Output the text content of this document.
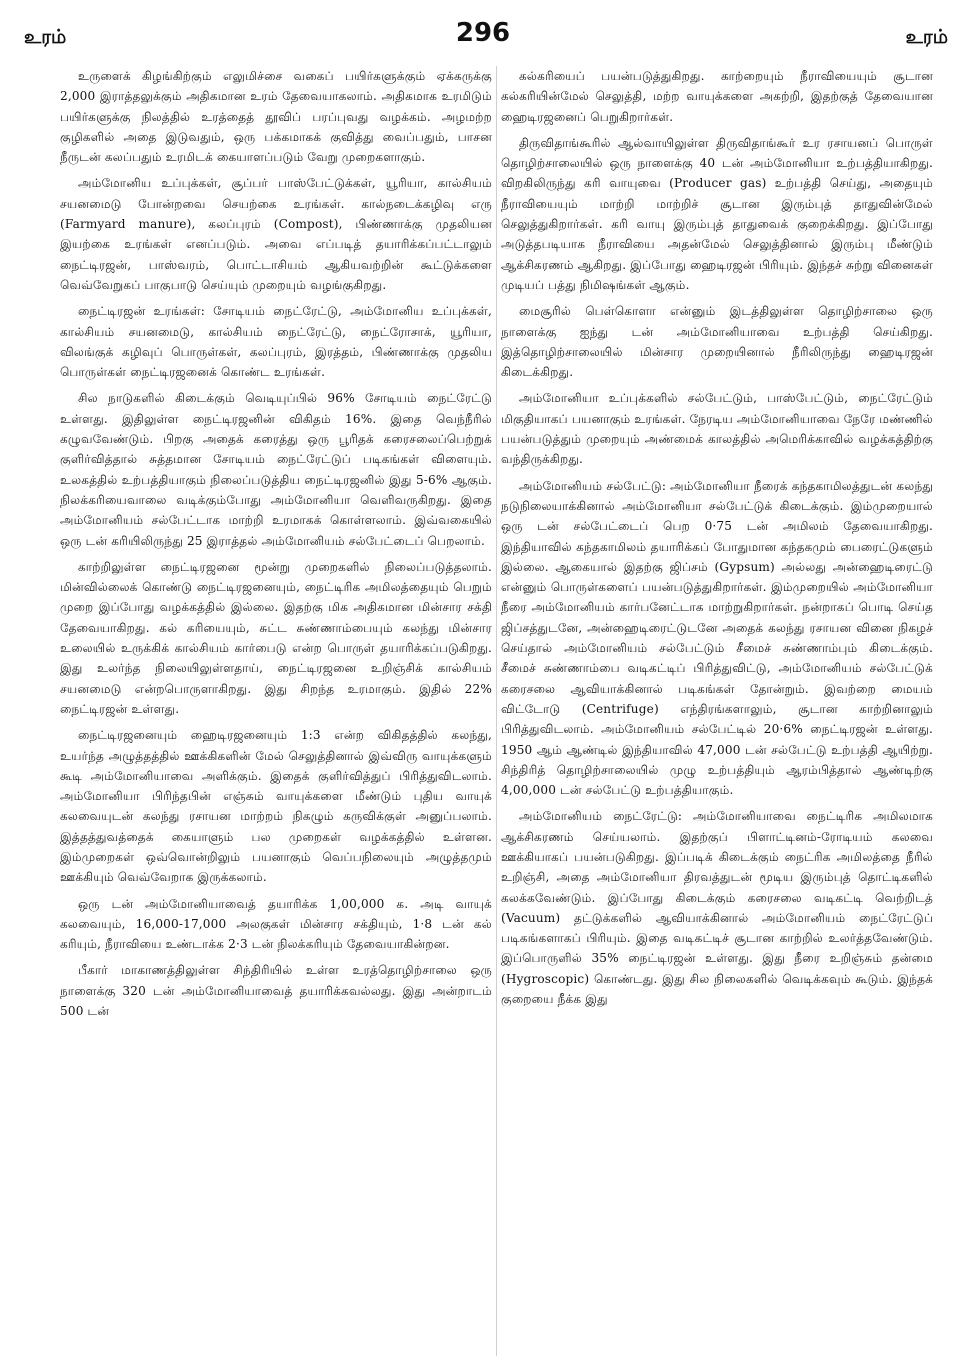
உரம்	296	உரம்

உருளைக் கிழங்கிற்கும் எலுமிச்சை வகைப் பயிர்களுக்கும் ஏக்கருக்கு 2,000 இராத்தலுக்கும் அதிகமான உரம் தேவையாகலாம். அதிகமாக உரமிடும் பயிர்களுக்கு நிலத்தில் உரத்தைத் தூவிப் பரப்புவது வழக்கம். அழமற்ற குழிகளில் அதை இடுவதும், ஒரு பக்கமாகக் குவித்து வைப்பதும், பாசன நீருடன் கலப்பதும் உரமிடக் கையாளப்படும் வேறு முறைகளாகும்.

அம்மோனிய உப்புக்கள், சூப்பர் பாஸ்பேட்டுக்கள், யூரியா, கால்சியம் சயனமைடு போன்றவை செயற்கை உரங்கள். கால்நடைக்கழிவு எரு (Farmyard manure), கலப்புரம் (Compost), பிண்ணாக்கு முதலியன இயற்கை உரங்கள் எனப்படும். அவை எப்படித் தயாரிக்கப்பட்டாலும் நைட்டிரஜன், பாஸ்வரம், பொட்டாசியம் ஆகியவற்றின் கூட்டுக்களை வெவ்வேறுகப் பாகுபாடு செய்யும் முறையும் வழங்குகிறது.

நைட்டிரஜன் உரங்கள்: சோடியம் நைட்ரேட்டு, அம்மோனிய உப்புக்கள், கால்சியம் சயனமைடு, கால்சியம் நைட்ரேட்டு, நைட்ரோசாக், யூரியா, விலங்குக் கழிவுப் பொருள்கள், கலப்புரம், இரத்தம், பிண்ணாக்கு முதலிய பொருள்கள் நைட்டிரஜனைக் கொண்ட உரங்கள்.

சில நாடுகளில் கிடைக்கும் வெடியுப்பில் 96% சோடியம் நைட்ரேட்டு உள்ளது. இதிலுள்ள நைட்டிரஜனின் விகிதம் 16%. இதை வெந்நீரில் கழுவவேண்டும். பிறகு அதைக் கரைத்து ஒரு பூரிதக் கரைசலைப்பெற்றுக் குளிர்வித்தால் சுத்தமான சோடியம் நைட்ரேட்டுப் படிகங்கள் விளையும். உலகத்தில் உற்பத்தியாகும் நிலைப்படுத்திய நைட்டிரஜனில் இது 5-6% ஆகும். நிலக்கரியைவாலை வடிக்கும்போது அம்மோனியா வெளிவருகிறது. இதை அம்மோனியம் சல்பேட்டாக மாற்றி உரமாகக் கொள்ளலாம். இவ்வகையில் ஒரு டன் கரியிலிருந்து 25 இராத்தல் அம்மோனியம் சல்பேட்டைப் பெறலாம்.

காற்றிலுள்ள நைட்டிரஜனை மூன்று முறைகளில் நிலைப்படுத்தலாம். மின்வில்லைக் கொண்டு நைட்டிரஜனையும், நைட்டிரிக அமிலத்தையும் பெறும் முறை இப்போது வழக்கத்தில் இல்லை. இதற்கு மிக அதிகமான மின்சார சக்தி தேவையாகிறது. கல் கரியையும், சுட்ட சுண்ணாம்பையும் கலந்து மின்சார உலையில் உருக்கிக் கால்சியம் கார்பைடு என்ற பொருள் தயாரிக்கப்படுகிறது. இது உலர்ந்த நிலையிலுள்ளதாய், நைட்டிரஜனை உறிஞ்சிக் கால்சியம் சயனமைடு என்றபொருளாகிறது. இது சிறந்த உரமாகும். இதில் 22% நைட்டிரஜன் உள்ளது.

நைட்டிரஜனையும் ஹைடிரஜனையும் 1:3 என்ற விகிதத்தில் கலந்து, உயர்ந்த அழுத்தத்தில் ஊக்கிகளின் மேல் செலுத்தினால் இவ்விரு வாயுக்களும் கூடி அம்மோனியாவை அளிக்கும். இதைக் குளிர்வித்துப் பிரித்துவிடலாம். அம்மோனியா பிரிந்தபின் எஞ்சும் வாயுக்களை மீண்டும் புதிய வாயுக் கலவையுடன் கலந்து ரசாயன மாற்றம் நிகழும் கருவிக்குள் அனுப்பலாம். இத்தத்துவத்தைக் கையாளும் பல முறைகள் வழக்கத்தில் உள்ளன. இம்முறைகள் ஒவ்வொன்றிலும் பயனாகும் வெப்பநிலையும் அழுத்தமும் ஊக்கியும் வெவ்வேறாக இருக்கலாம்.

ஒரு டன் அம்மோனியாவைத் தயாரிக்க 1,00,000 க. அடி வாயுக் கலவையும், 16,000-17,000 அலகுகள் மின்சார சக்தியும், 1·8 டன் கல் கரியும், நீராவியை உண்டாக்க 2·3 டன் நிலக்கரியும் தேவையாகின்றன.

பீகார் மாகாணத்திலுள்ள சிந்திரியில் உள்ள உரத்தொழிற்சாலை ஒரு நாளைக்கு 320 டன் அம்மோனியாவைத் தயாரிக்கவல்லது. இது அன்றாடம் 500 டன்

கல்கரியைப் பயன்படுத்துகிறது. காற்றையும் நீராவியையும் சூடான கல்கரியின்மேல் செலுத்தி, மற்ற வாயுக்களை அகற்றி, இதற்குத் தேவையான ஹைடிரஜனைப் பெறுகிறார்கள்.

திருவிதாங்கூரில் ஆல்வாயிலுள்ள திருவிதாங்கூர் உர ரசாயனப் பொருள் தொழிற்சாலையில் ஒரு நாளைக்கு 40 டன் அம்மோனியா உற்பத்தியாகிறது. விறகிலிருந்து கரி வாயுவை (Producer gas) உற்பத்தி செய்து, அதையும் நீராவியையும் மாற்றி மாற்றிச் சூடான இரும்புத் தாதுவின்மேல் செலுத்துகிறார்கள். கரி வாயு இரும்புத் தாதுவைக் குறைக்கிறது. இப்போது அடுத்தபடியாக நீராவியை அதன்மேல் செலுத்தினால் இரும்பு மீண்டும் ஆக்சிகரணம் ஆகிறது. இப்போது ஹைடிரஜன் பிரியும். இந்தச் சுற்று வினைகள் முடியப் பத்து நிமிஷங்கள் ஆகும்.

மைசூரில் பெள்கொளா என்னும் இடத்திலுள்ள தொழிற்சாலை ஒரு நாளைக்கு ஐந்து டன் அம்மோனியாவை உற்பத்தி செய்கிறது. இத்தொழிற்சாலையில் மின்சார முறையினால் நீரிலிருந்து ஹைடிரஜன் கிடைக்கிறது.

அம்மோனியா உப்புக்களில் சல்பேட்டும், பாஸ்பேட்டும், நைட்ரேட்டும் மிகுதியாகப் பயனாகும் உரங்கள். நேரடிய அம்மோனியாவை நேரே மண்ணில் பயன்படுத்தும் முறையும் அண்மைக் காலத்தில் அமெரிக்காவில் வழக்கத்திற்கு வந்திருக்கிறது.

அம்மோனியம் சல்பேட்டு: அம்மோனியா நீரைக் கந்தகாமிலத்துடன் கலந்து நடுநிலையாக்கினால் அம்மோனியா சல்பேட்டுக் கிடைக்கும். இம்முறையால் ஒரு டன் சல்பேட்டைப் பெற 0·75 டன் அமிலம் தேவையாகிறது. இந்தியாவில் கந்தகாமிலம் தயாரிக்கப் போதுமான கந்தகமும் பைரைட்டுகளும் இல்லை. ஆகையால் இதற்கு ஜிப்சம் (Gypsum) அல்லது அன்ஹைடிரைட்டு என்னும் பொருள்களைப் பயன்படுத்துகிறார்கள். இம்முறையில் அம்மோனியா நீரை அம்மோனியம் கார்பனேட்டாக மாற்றுகிறார்கள். நன்றாகப் பொடி செய்த ஜிப்சத்துடனே, அன்ஹைடிரைட்டுடனே அதைக் கலந்து ரசாயன வினை நிகழச் செய்தால் அம்மோனியம் சல்பேட்டும் சீமைச் சுண்ணாம்பும் கிடைக்கும். சீமைச் சுண்ணாம்பை வடிகட்டிப் பிரித்துவிட்டு, அம்மோனியம் சல்பேட்டுக் கரைசலை ஆவியாக்கினால் படிகங்கள் தோன்றும். இவற்றை மையம் விட்டோடு (Centrifuge) எந்திரங்களாலும், சூடான காற்றினாலும் பிரித்துவிடலாம். அம்மோனியம் சல்பேட்டில் 20·6% நைட்டிரஜன் உள்ளது. 1950 ஆம் ஆண்டில் இந்தியாவில் 47,000 டன் சல்பேட்டு உற்பத்தி ஆயிற்று. சிந்திரித் தொழிற்சாலையில் முழு உற்பத்தியும் ஆரம்பித்தால் ஆண்டிற்கு 4,00,000 டன் சல்பேட்டு உற்பத்தியாகும்.

அம்மோனியம் நைட்ரேட்டு: அம்மோனியாவை நைட்டிரிக அமிலமாக ஆக்சிகரணம் செய்யலாம். இதற்குப் பிளாட்டினம்-ரோடியம் கலவை ஊக்கியாகப் பயன்படுகிறது. இப்படிக் கிடைக்கும் நைட்ரிக அமிலத்தை நீரில் உறிஞ்சி, அதை அம்மோனியா திரவத்துடன் மூடிய இரும்புத் தொட்டிகளில் கலக்கவேண்டும். இப்போது கிடைக்கும் கரைசலை வடிகட்டி வெற்றிடத் (Vacuum) தட்டுக்களில் ஆவியாக்கினால் அம்மோனியம் நைட்ரேட்டுப் படிகங்களாகப் பிரியும். இதை வடிகட்டிச் சூடான காற்றில் உலர்த்தவேண்டும். இப்பொருளில் 35% நைட்டிரஜன் உள்ளது. இது நீரை உறிஞ்சும் தன்மை (Hygroscopic) கொண்டது. இது சில நிலைகளில் வெடிக்கவும் கூடும். இந்தக் குறையை நீக்க இது
